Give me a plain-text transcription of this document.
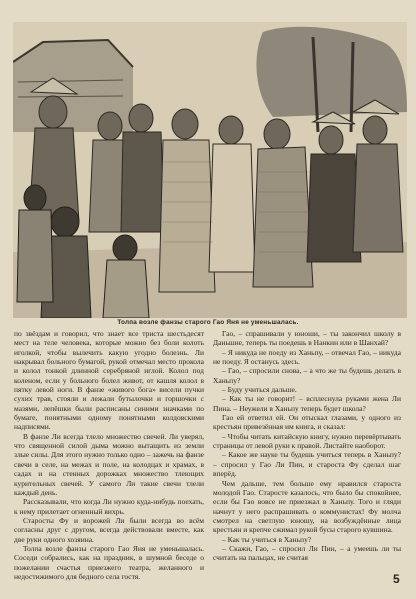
Толпа возле фанзы старого Гао Яня не уменьшалась.

по звёздам и говорил, что знает все триста шестьдесят мест на теле человека, которые можно без боли колоть иголкой, чтобы вылечить какую угодно болезнь. Ли накрывал больного бумагой, рукой отмечал место прокола и колол тонкой длинной серебряной иглой. Колол под коленом, если у больного болел живот, от кашля колол в пятку левой ноги. В фанзе «живого бога» висели пучки сухих трав, стояли и лежали бутылочки и горшочки с мазями, лепёшки были расписаны синими значками по бумаге, понятными одному понятными колдовскими надписями.

В фанзе Ли всегда тлело множество свечей. Ли уверял, что священной силой дыма можно вытащить из земли злые силы. Для этого нужно только одно – зажечь на фанзе свечи в селе, на межах и поле, на колодцах и храмах, в садах и на стенных дорожках множество тлеющих курительных свечей. У самого Ли такие свечи тлели каждый день.

Рассказывали, что когда Ли нужно куда-нибудь поехать, к нему прилетает огненный вихрь.

Старосты Фу и ворожей Ли были всегда во всём согласны друг с другом, всегда действовали вместе, как две руки одного хозяина.

Толпа возле фанзы старого Гао Яня не уменьшалась. Соседи собрались, как на праздник, в шумной беседе о пожелании счастья приезжего театра, желанного и недостижимого для бедного села гостя.

Гао, – спрашивали у юноши, – ты закончил школу в Даньшне, теперь ты поедешь в Нанкин или в Шанхай?

– Я никуда не поеду из Ханьпу, – отвечал Гао, – никуда не поеду. Я останусь здесь.

– Гао, – спросили снова, – а что же ты будешь делать в Ханьпу?

– Буду учиться дальше.

– Как ты не говорит! – всплеснула руками жена Ли Пина. – Неужели в Ханьпу теперь будет школа?

Гао ей ответил ей. Он отыскал глазами, у одного из крестьян привезённая им книга, и сказал:

– Чтобы читать китайскую книгу, нужно перевёртывать страницы от левой руки к правой. Листайте наоборот.

– Какое же науке ты будешь учиться теперь в Ханьпу? – спросил у Гао Ли Пин, и староста Фу сделал шаг вперёд.

Чем дальше, тем больше ему нравился староста молодой Гао. Старосте казалось, что было бы спокойнее, если бы Гао вовсе не приезжал в Ханьпу. Того и гляди начнут у него распрашивать о коммунистах! Фу молча смотрел на светлую юношу, на возбуждённые лица крестьян и крепче сжимал рукой бусы старого кувшина.

– Как ты учиться в Ханьпу?

– Скажи, Гао, – спросил Ли Пин, – а умеешь ли ты считать на пальцах, не считая

5
